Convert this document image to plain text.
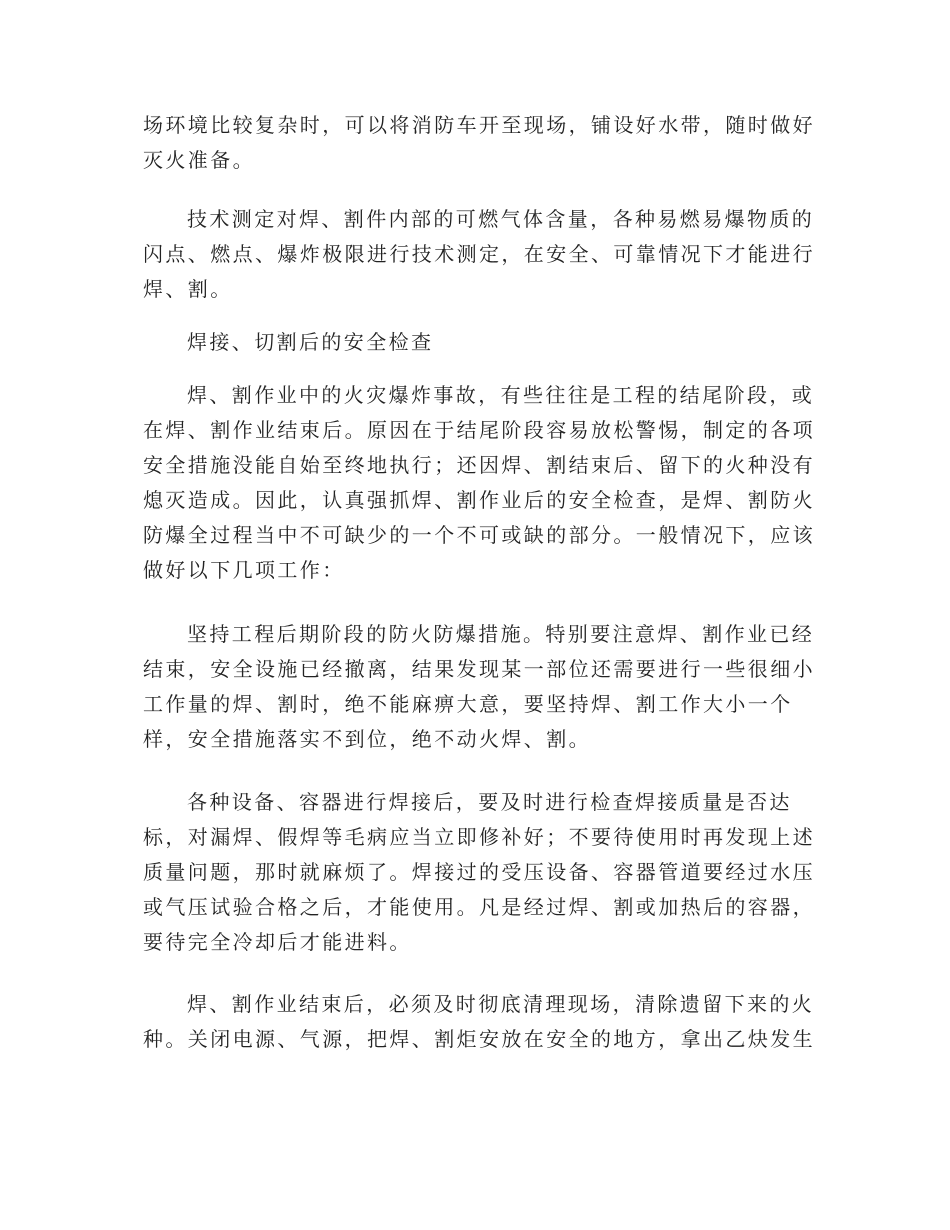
场环境比较复杂时，可以将消防车开至现场，铺设好水带，随时做好
灭火准备。

技术测定对焊、割件内部的可燃气体含量，各种易燃易爆物质的
闪点、燃点、爆炸极限进行技术测定，在安全、可靠情况下才能进行
焊、割。

焊接、切割后的安全检查

焊、割作业中的火灾爆炸事故，有些往往是工程的结尾阶段，或
在焊、割作业结束后。原因在于结尾阶段容易放松警惕，制定的各项
安全措施没能自始至终地执行；还因焊、割结束后、留下的火种没有
熄灭造成。因此，认真强抓焊、割作业后的安全检查，是焊、割防火
防爆全过程当中不可缺少的一个不可或缺的部分。一般情况下，应该
做好以下几项工作：

坚持工程后期阶段的防火防爆措施。特别要注意焊、割作业已经
结束，安全设施已经撤离，结果发现某一部位还需要进行一些很细小
工作量的焊、割时，绝不能麻痹大意，要坚持焊、割工作大小一个
样，安全措施落实不到位，绝不动火焊、割。

各种设备、容器进行焊接后，要及时进行检查焊接质量是否达
标，对漏焊、假焊等毛病应当立即修补好；不要待使用时再发现上述
质量问题，那时就麻烦了。焊接过的受压设备、容器管道要经过水压
或气压试验合格之后，才能使用。凡是经过焊、割或加热后的容器，
要待完全冷却后才能进料。

焊、割作业结束后，必须及时彻底清理现场，清除遗留下来的火
种。关闭电源、气源，把焊、割炬安放在安全的地方，拿出乙炔发生
